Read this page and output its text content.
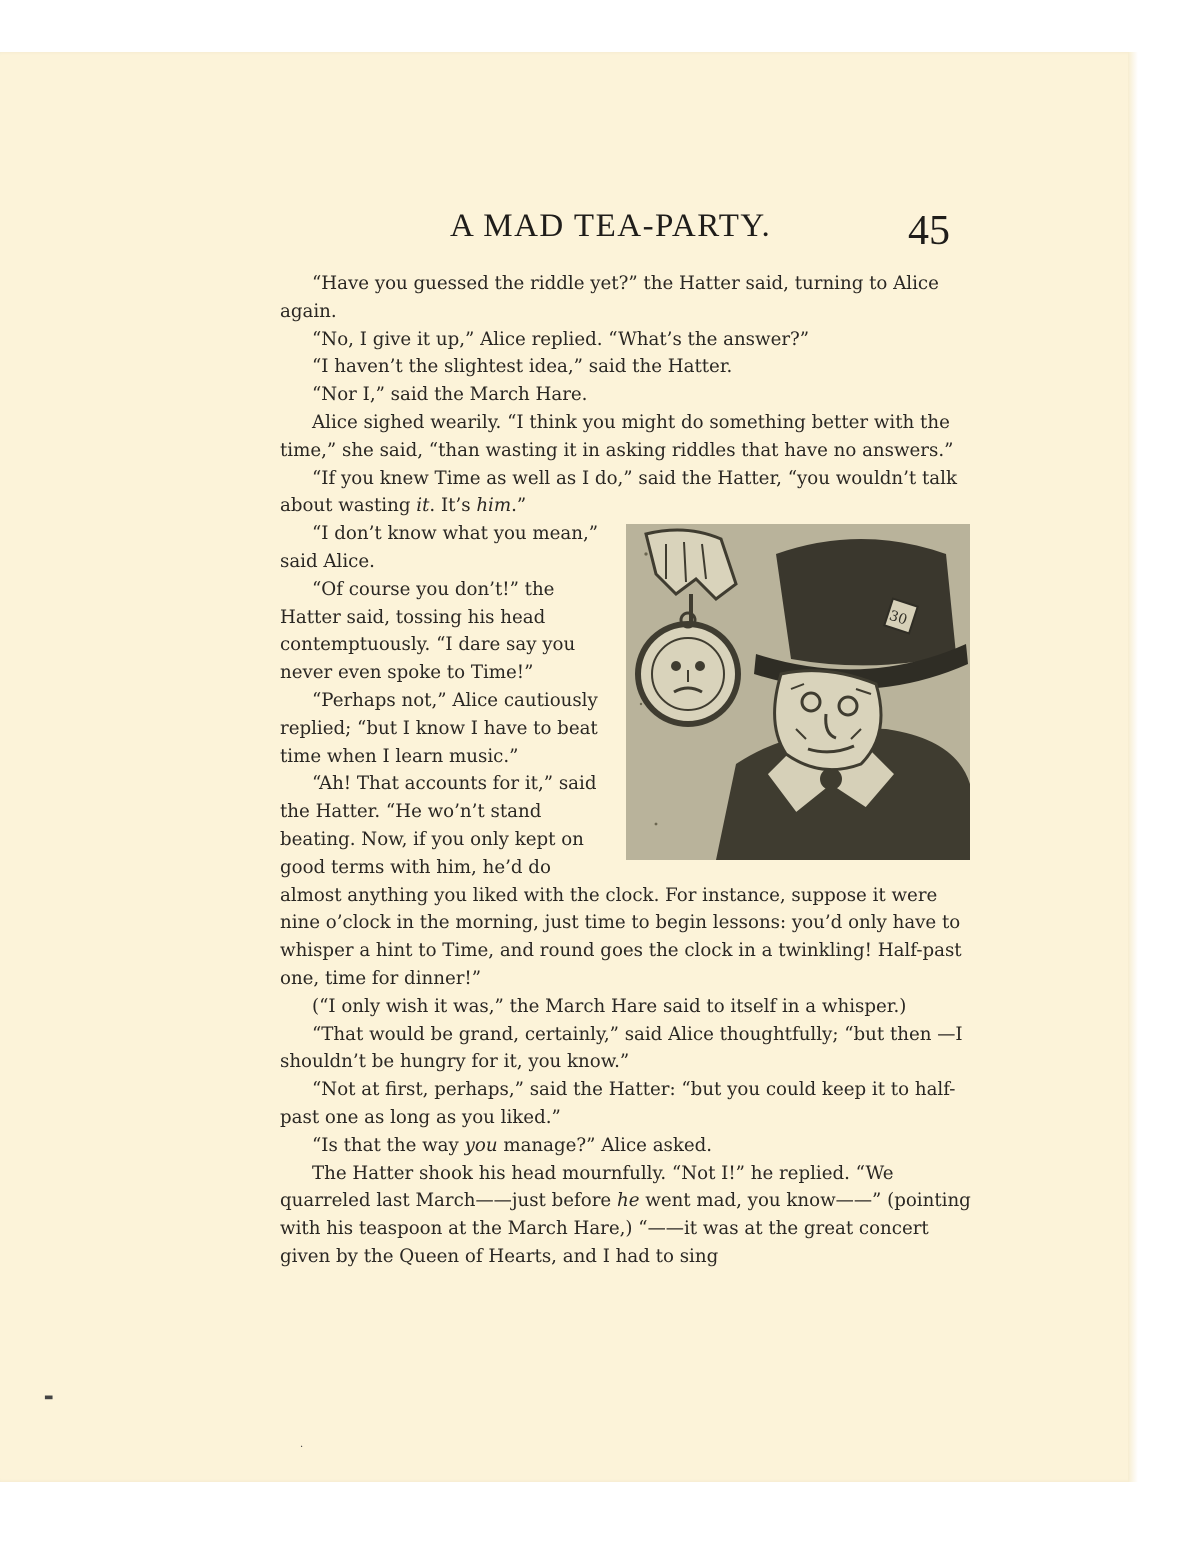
A MAD TEA-PARTY.	45

“Have you guessed the riddle yet?” the Hatter said, turning to Alice again.

“No, I give it up,” Alice replied. “What’s the answer?”

“I haven’t the slightest idea,” said the Hatter.

“Nor I,” said the March Hare.

Alice sighed wearily. “I think you might do something better with the time,” she said, “than wasting it in asking riddles that have no answers.”

“If you knew Time as well as I do,” said the Hatter, “you wouldn’t talk about wasting it. It’s him.”

30

“I don’t know what you mean,” said Alice.

“Of course you don’t!” the Hatter said, tossing his head contemptuously. “I dare say you never even spoke to Time!”

“Perhaps not,” Alice cautiously replied; “but I know I have to beat time when I learn music.”

“Ah! That accounts for it,” said the Hatter. “He wo’n’t stand beating. Now, if you only kept on good terms with him, he’d do almost anything you liked with the clock. For instance, suppose it were nine o’clock in the morning, just time to begin lessons: you’d only have to whisper a hint to Time, and round goes the clock in a twinkling! Half-past one, time for dinner!”

(“I only wish it was,” the March Hare said to itself in a whisper.)

“That would be grand, certainly,” said Alice thoughtfully; “but then —I shouldn’t be hungry for it, you know.”

“Not at first, perhaps,” said the Hatter: “but you could keep it to half-past one as long as you liked.”

“Is that the way you manage?” Alice asked.

The Hatter shook his head mournfully. “Not I!” he replied. “We quarreled last March——just before he went mad, you know——” (pointing with his teaspoon at the March Hare,) “——it was at the great concert given by the Queen of Hearts, and I had to sing

▬
·
